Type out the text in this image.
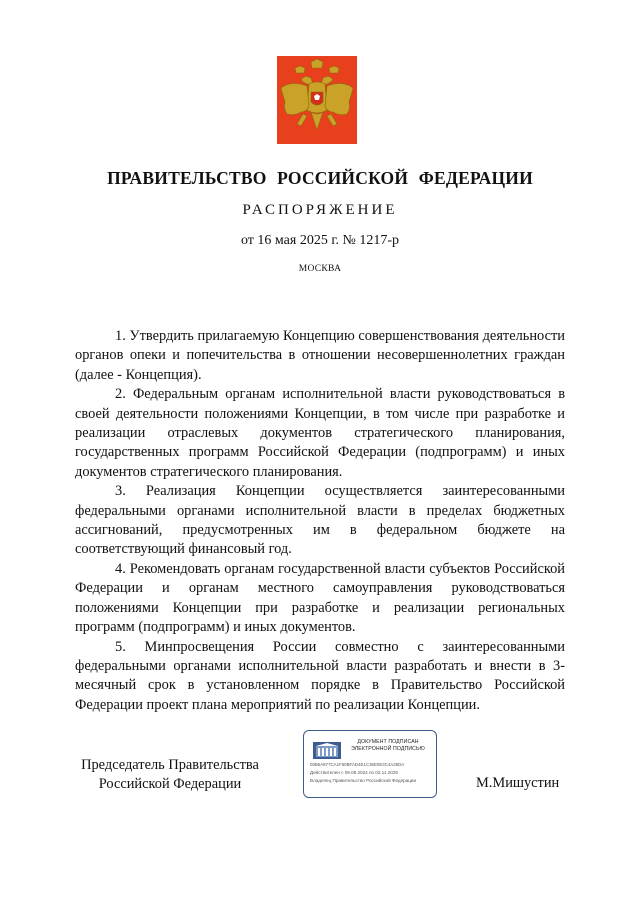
ПРАВИТЕЛЬСТВО РОССИЙСКОЙ ФЕДЕРАЦИИ
РАСПОРЯЖЕНИЕ
от 16 мая 2025 г. № 1217-р
МОСКВА

1. Утвердить прилагаемую Концепцию совершенствования деятельности органов опеки и попечительства в отношении несовершеннолетних граждан (далее - Концепция).

2. Федеральным органам исполнительной власти руководствоваться в своей деятельности положениями Концепции, в том числе при разработке и реализации отраслевых документов стратегического планирования, государственных программ Российской Федерации (подпрограмм) и иных документов стратегического планирования.

3. Реализация Концепции осуществляется заинтересованными федеральными органами исполнительной власти в пределах бюджетных ассигнований, предусмотренных им в федеральном бюджете на соответствующий финансовый год.

4. Рекомендовать органам государственной власти субъектов Российской Федерации и органам местного самоуправления руководствоваться положениями Концепции при разработке и реализации региональных программ (подпрограмм) и иных документов.

5. Минпросвещения России совместно с заинтересованными федеральными органами исполнительной власти разработать и внести в 3-месячный срок в установленном порядке в Правительство Российской Федерации проект плана мероприятий по реализации Концепции.

Председатель Правительства
Российской Федерации
ДОКУМЕНТ ПОДПИСАН
ЭЛЕКТРОННОЙ ПОДПИСЬЮ
00B5A877CA1F60BFAD4E1C36E0E3C4A28DA
Действителен с 09.08.2024 по 02.11.2025
Владелец Правительство Российской Федерации	М.Мишустин
